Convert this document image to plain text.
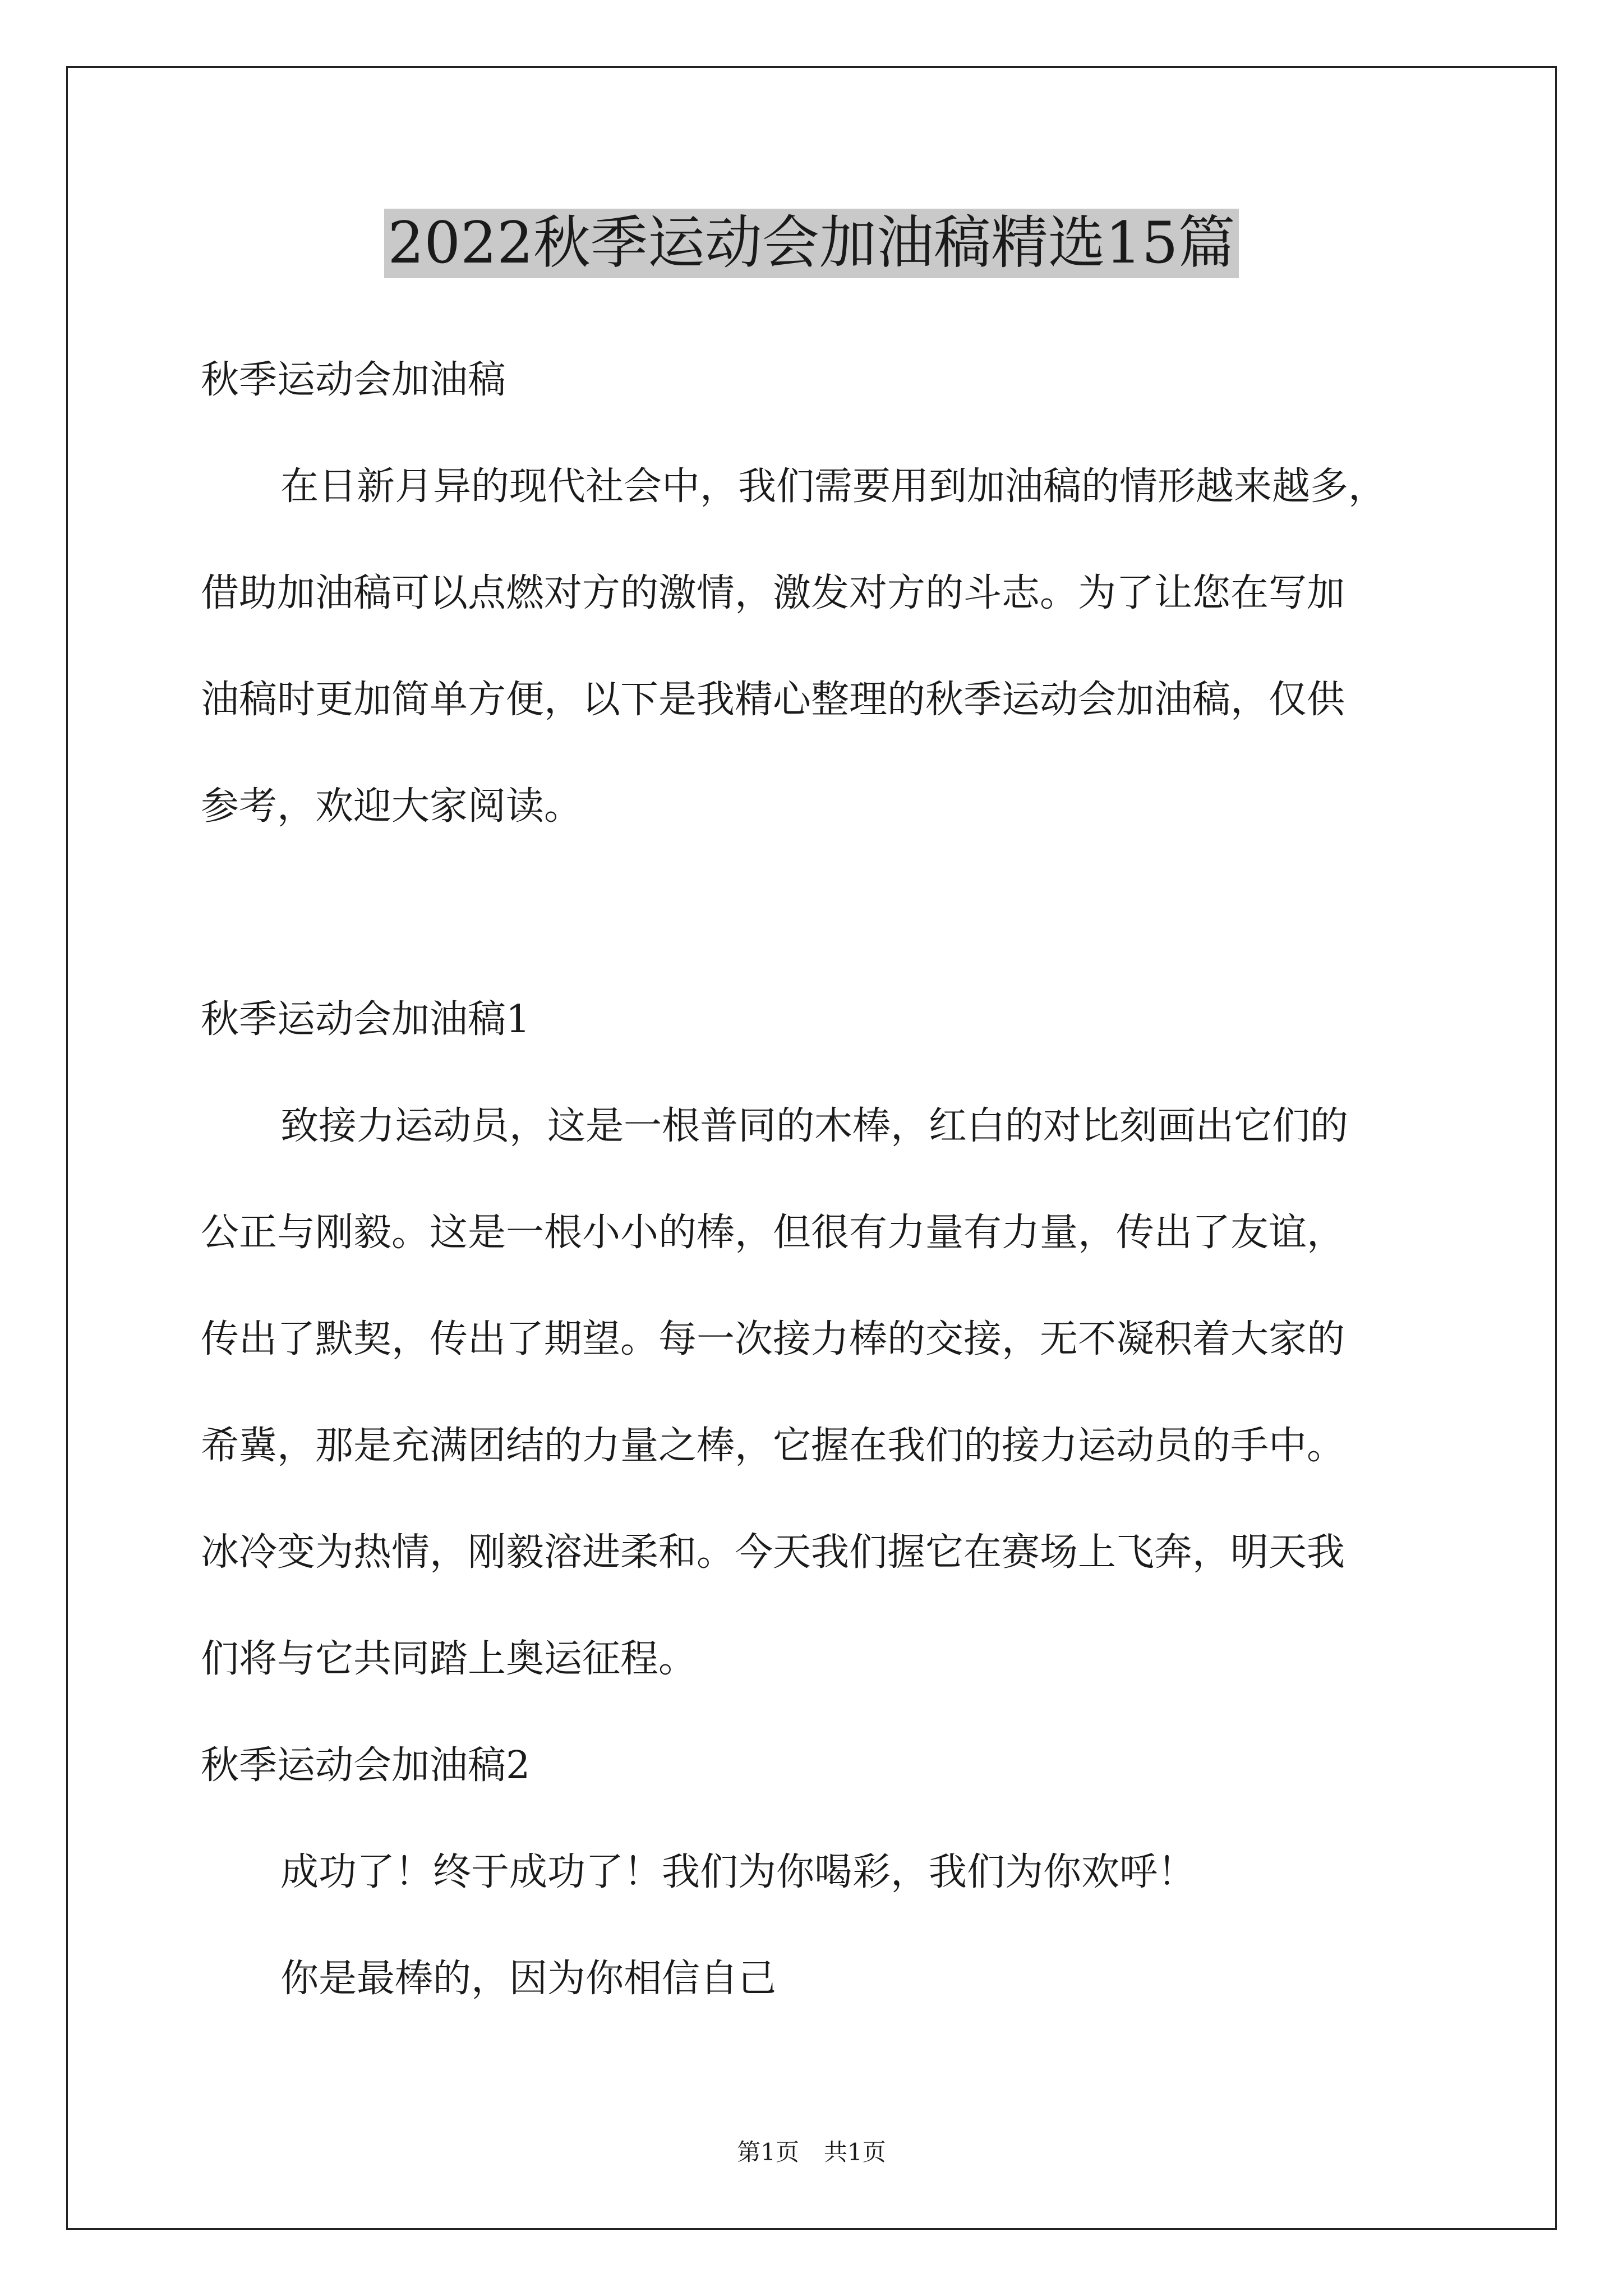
2022秋季运动会加油稿精选15篇
秋季运动会加油稿
在日新月异的现代社会中，我们需要用到加油稿的情形越来越多，
借助加油稿可以点燃对方的激情，激发对方的斗志。为了让您在写加
油稿时更加简单方便，以下是我精心整理的秋季运动会加油稿，仅供
参考，欢迎大家阅读。
秋季运动会加油稿1
致接力运动员，这是一根普同的木棒，红白的对比刻画出它们的
公正与刚毅。这是一根小小的棒，但很有力量有力量，传出了友谊，
传出了默契，传出了期望。每一次接力棒的交接，无不凝积着大家的
希冀，那是充满团结的力量之棒，它握在我们的接力运动员的手中。
冰冷变为热情，刚毅溶进柔和。今天我们握它在赛场上飞奔，明天我
们将与它共同踏上奥运征程。
秋季运动会加油稿2
成功了！终于成功了！我们为你喝彩，我们为你欢呼！
你是最棒的，因为你相信自己
第1页 共1页
